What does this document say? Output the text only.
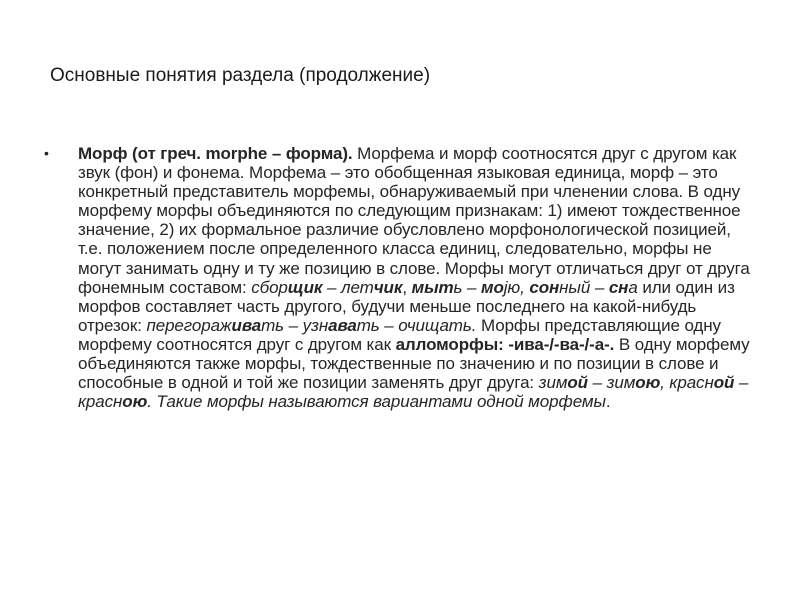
Основные понятия раздела (продолжение)
•	Морф (от греч. morphe – форма). Морфема и морф соотносятся друг с другом как звук (фон) и фонема. Морфема – это обобщенная языковая единица, морф – это конкретный представитель морфемы, обнаруживаемый при членении слова. В одну морфему морфы объединяются по следующим признакам: 1) имеют тождественное значение, 2) их формальное различие обусловлено морфонологической позицией, т.е. положением после определенного класса единиц, следовательно, морфы не могут занимать одну и ту же позицию в слове. Морфы могут отличаться друг от друга фонемным составом: сборщик – летчик, мыть – мојю, сонный – сна или один из морфов составляет часть другого, будучи меньше последнего на какой-нибудь отрезок: перегораживать – узнавать – очищать. Морфы представляющие одну морфему соотносятся друг с другом как алломорфы: -ива-/-ва-/-а-. В одну морфему объединяются также морфы, тождественные по значению и по позиции в слове и способные в одной и той же позиции заменять друг друга: зимой – зимою, красной – красною. Такие морфы называются вариантами одной морфемы.
